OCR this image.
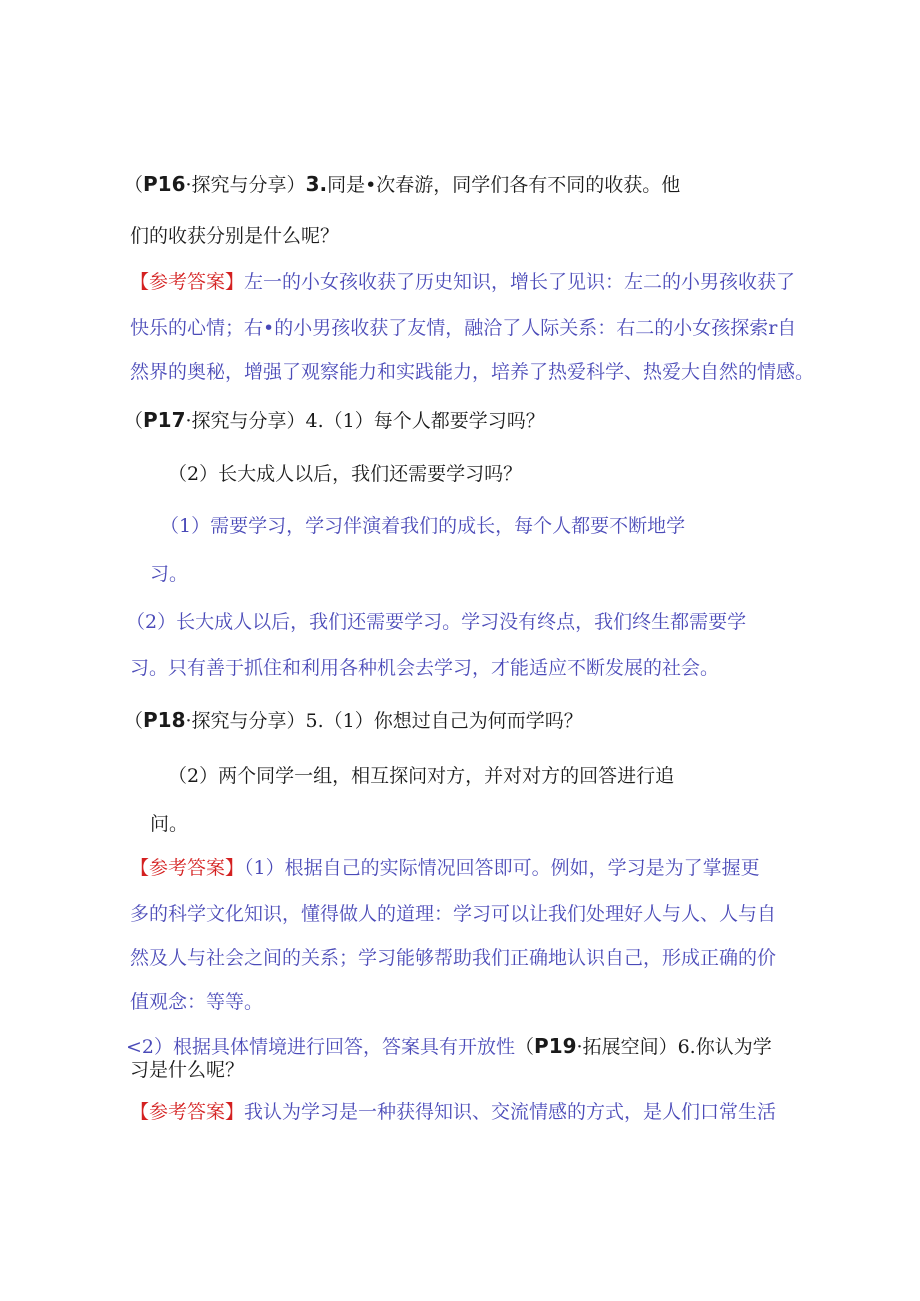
（P16·探究与分享）3.同是•次春游，同学们各有不同的收获。他
们的收获分别是什么呢？
【参考答案】左一的小女孩收获了历史知识，增长了见识：左二的小男孩收获了
快乐的心情；右•的小男孩收获了友情，融洽了人际关系：右二的小女孩探索r自
然界的奥秘，增强了观察能力和实践能力，培养了热爱科学、热爱大自然的情感。
（P17·探究与分享）4.（1）每个人都要学习吗？
（2）长大成人以后，我们还需要学习吗？
（1）需要学习，学习伴演着我们的成长，每个人都要不断地学
习。
（2）长大成人以后，我们还需要学习。学习没有终点，我们终生都需要学
习。只有善于抓住和利用各种机会去学习，才能适应不断发展的社会。
（P18·探究与分享）5.（1）你想过自己为何而学吗？
（2）两个同学一组，相互探问对方，并对对方的回答进行追
问。
【参考答案】（1）根据自己的实际情况回答即可。例如，学习是为了掌握更
多的科学文化知识，懂得做人的道理：学习可以让我们处理好人与人、人与自
然及人与社会之间的关系；学习能够帮助我们正确地认识自己，形成正确的价
值观念：等等。
<2）根据具体情境进行回答，答案具有开放性（P19·拓展空间）6.你认为学
习是什么呢？
【参考答案】我认为学习是一种获得知识、交流情感的方式，是人们口常生活
